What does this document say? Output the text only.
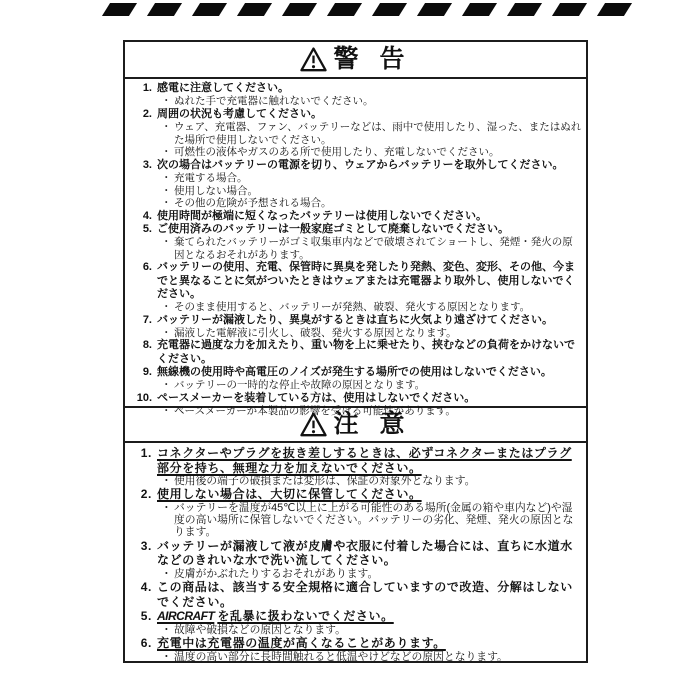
警 告
1. 感電に注意してください。
・ ぬれた手で充電器に触れないでください。
2. 周囲の状況も考慮してください。
・ ウェア、充電器、ファン、バッテリーなどは、雨中で使用したり、湿った、またはぬれた場所で使用しないでください。
・ 可燃性の液体やガスのある所で使用したり、充電しないでください。
3. 次の場合はバッテリーの電源を切り、ウェアからバッテリーを取外してください。
・ 充電する場合。
・ 使用しない場合。
・ その他の危険が予想される場合。
4. 使用時間が極端に短くなったバッテリーは使用しないでください。
5. ご使用済みのバッテリーは一般家庭ゴミとして廃棄しないでください。
・ 棄てられたバッテリーがゴミ収集車内などで破壊されてショートし、発煙・発火の原因となるおそれがあります。
6. バッテリーの使用、充電、保管時に異臭を発したり発熱、変色、変形、その他、今までと異なることに気がついたときはウェアまたは充電器より取外し、使用しないでください。
・ そのまま使用すると、バッテリーが発熱、破裂、発火する原因となります。
7. バッテリーが漏液したり、異臭がするときは直ちに火気より遠ざけてください。
・ 漏液した電解液に引火し、破裂、発火する原因となります。
8. 充電器に過度な力を加えたり、重い物を上に乗せたり、挟むなどの負荷をかけないでください。
9. 無線機の使用時や高電圧のノイズが発生する場所での使用はしないでください。
・ バッテリーの一時的な停止や故障の原因となります。
10. ペースメーカーを装着している方は、使用はしないでください。
・ ペースメーカーが本製品の影響を受ける可能性があります。
注 意
1. コネクターやプラグを抜き差しするときは、必ずコネクターまたはプラグ部分を持ち、無理な力を加えないでください。
・ 使用後の端子の破損または変形は、保証の対象外となります。
2. 使用しない場合は、大切に保管してください。
・ バッテリーを温度が45℃以上に上がる可能性のある場所(金属の箱や車内など)や湿度の高い場所に保管しないでください。バッテリーの劣化、発煙、発火の原因となります。
3. バッテリーが漏液して液が皮膚や衣服に付着した場合には、直ちに水道水などのきれいな水で洗い流してください。
・ 皮膚がかぶれたりするおそれがあります。
4. この商品は、該当する安全規格に適合していますので改造、分解はしないでください。
5. AIRCRAFT を乱暴に扱わないでください。
・ 故障や破損などの原因となります。
6. 充電中は充電器の温度が高くなることがあります。
・ 温度の高い部分に長時間触れると低温やけどなどの原因となります。
